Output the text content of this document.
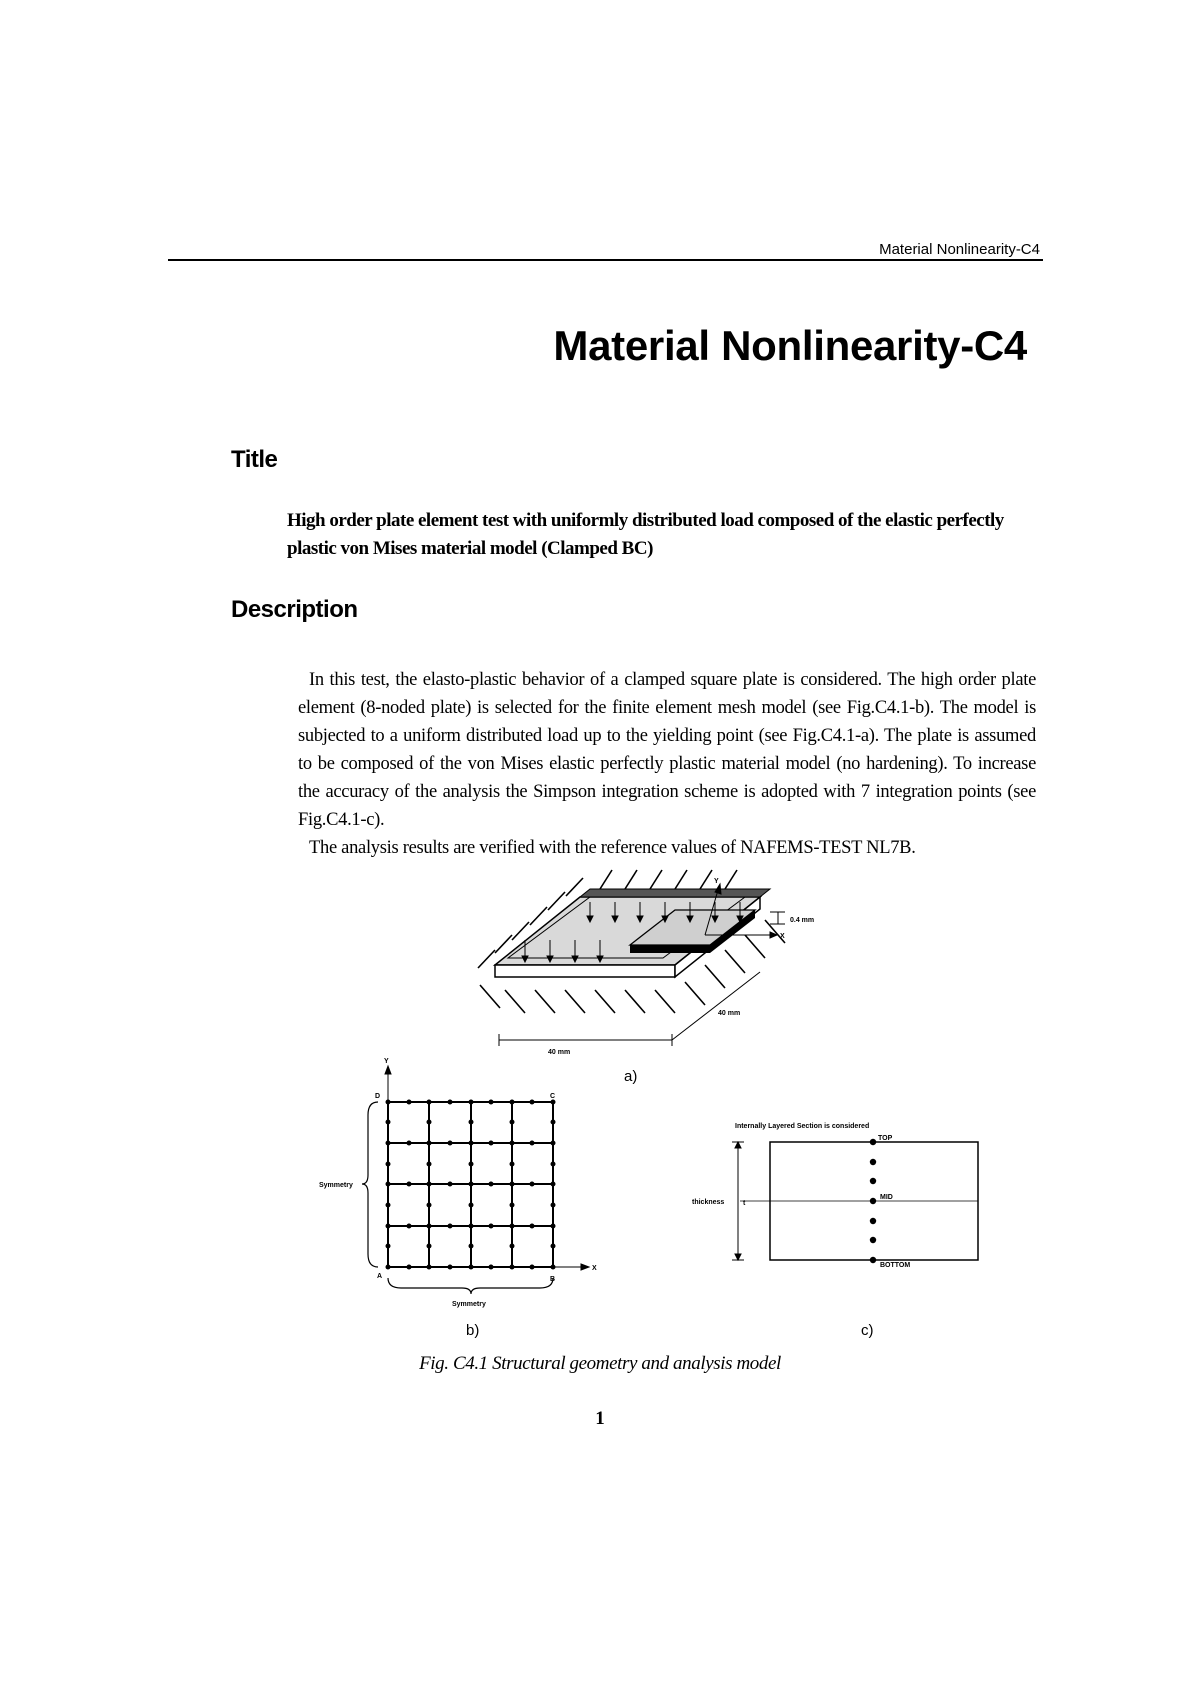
Material Nonlinearity-C4
Material Nonlinearity-C4
Title
High order plate element test with uniformly distributed load composed of the elastic perfectly plastic von Mises material model (Clamped BC)
Description

In this test, the elasto-plastic behavior of a clamped square plate is considered. The high order plate element (8-noded plate) is selected for the finite element mesh model (see Fig.C4.1-b). The model is subjected to a uniform distributed load up to the yielding point (see Fig.C4.1-a). The plate is assumed to be composed of the von Mises elastic perfectly plastic material model (no hardening). To increase the accuracy of the analysis the Simpson integration scheme is adopted with 7 integration points (see Fig.C4.1-c).

The analysis results are verified with the reference values of NAFEMS-TEST NL7B.

X
Y
0.4 mm
40 mm
40 mm
a)
Y
X
D	C
A	B
Symmetry
Symmetry
b)
Internally Layered Section is considered
TOP
MID
BOTTOM
thickness	t
c)
Fig. C4.1 Structural geometry and analysis model
1
